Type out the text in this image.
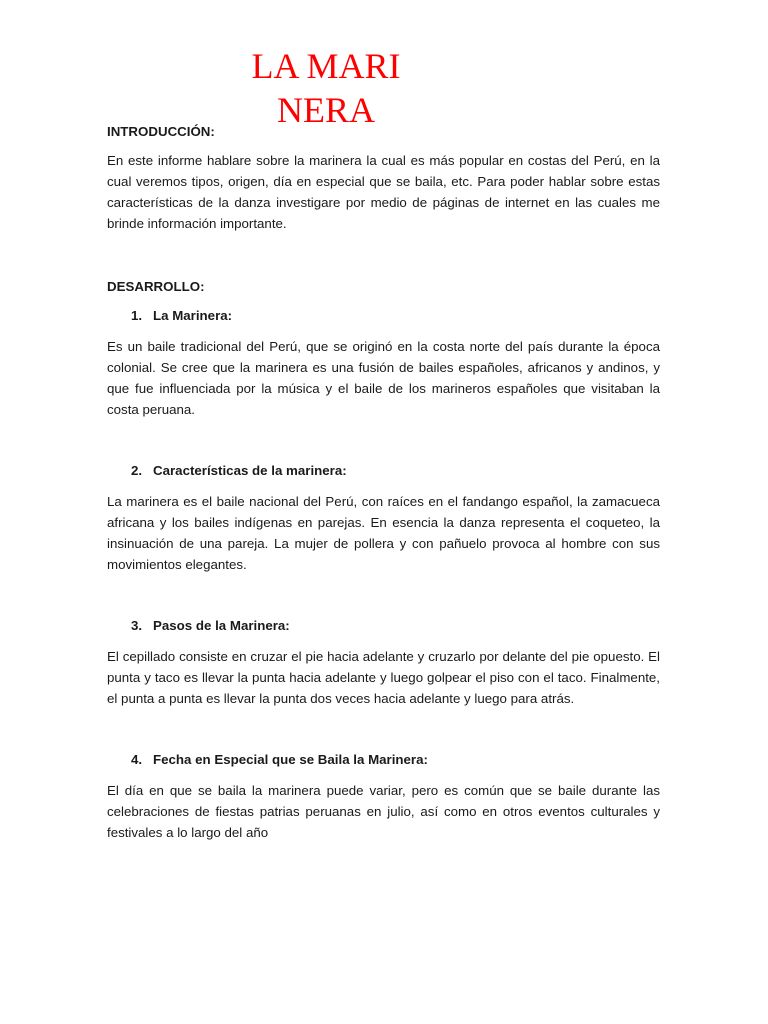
LA MARINERA

INTRODUCCIÓN:

En este informe hablare sobre la marinera la cual es más popular en costas del Perú, en la cual veremos tipos, origen, día en especial que se baila, etc. Para poder hablar sobre estas características de la danza investigare por medio de páginas de internet en las cuales me brinde información importante.

DESARROLLO:

1. La Marinera:

Es un baile tradicional del Perú, que se originó en la costa norte del país durante la época colonial. Se cree que la marinera es una fusión de bailes españoles, africanos y andinos, y que fue influenciada por la música y el baile de los marineros españoles que visitaban la costa peruana.

2. Características de la marinera:

La marinera es el baile nacional del Perú, con raíces en el fandango español, la zamacueca africana y los bailes indígenas en parejas. En esencia la danza representa el coqueteo, la insinuación de una pareja. La mujer de pollera y con pañuelo provoca al hombre con sus movimientos elegantes.

3. Pasos de la Marinera:

El cepillado consiste en cruzar el pie hacia adelante y cruzarlo por delante del pie opuesto. El punta y taco es llevar la punta hacia adelante y luego golpear el piso con el taco. Finalmente, el punta a punta es llevar la punta dos veces hacia adelante y luego para atrás.

4. Fecha en Especial que se Baila la Marinera:

El día en que se baila la marinera puede variar, pero es común que se baile durante las celebraciones de fiestas patrias peruanas en julio, así como en otros eventos culturales y festivales a lo largo del año
